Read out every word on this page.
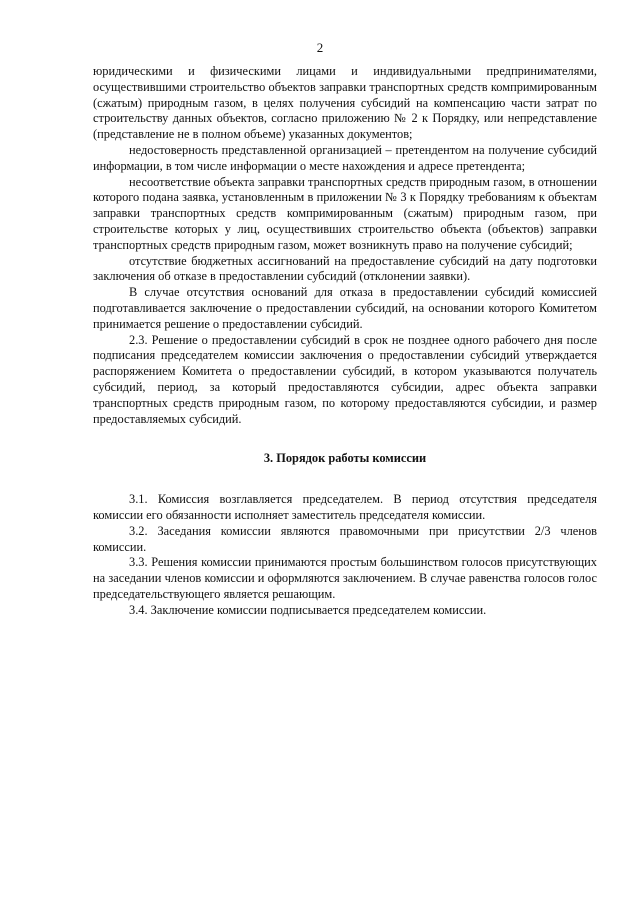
2

юридическими и физическими лицами и индивидуальными предпринимателями, осуществившими строительство объектов заправки транспортных средств компримированным (сжатым) природным газом, в целях получения субсидий на компенсацию части затрат по строительству данных объектов, согласно приложению № 2 к Порядку, или непредставление (представление не в полном объеме) указанных документов;

недостоверность представленной организацией – претендентом на получение субсидий информации, в том числе информации о месте нахождения и адресе претендента;

несоответствие объекта заправки транспортных средств природным газом, в отношении которого подана заявка, установленным в приложении № 3 к Порядку требованиям к объектам заправки транспортных средств компримированным (сжатым) природным газом, при строительстве которых у лиц, осуществивших строительство объекта (объектов) заправки транспортных средств природным газом, может возникнуть право на получение субсидий;

отсутствие бюджетных ассигнований на предоставление субсидий на дату подготовки заключения об отказе в предоставлении субсидий (отклонении заявки).

В случае отсутствия оснований для отказа в предоставлении субсидий комиссией подготавливается заключение о предоставлении субсидий, на основании которого Комитетом принимается решение о предоставлении субсидий.

2.3. Решение о предоставлении субсидий в срок не позднее одного рабочего дня после подписания председателем комиссии заключения о предоставлении субсидий утверждается распоряжением Комитета о предоставлении субсидий, в котором указываются получатель субсидий, период, за который предоставляются субсидии, адрес объекта заправки транспортных средств природным газом, по которому предоставляются субсидии, и размер предоставляемых субсидий.

3. Порядок работы комиссии

3.1. Комиссия возглавляется председателем. В период отсутствия председателя комиссии его обязанности исполняет заместитель председателя комиссии.

3.2. Заседания комиссии являются правомочными при присутствии 2/3 членов комиссии.

3.3. Решения комиссии принимаются простым большинством голосов присутствующих на заседании членов комиссии и оформляются заключением. В случае равенства голосов голос председательствующего является решающим.

3.4. Заключение комиссии подписывается председателем комиссии.
